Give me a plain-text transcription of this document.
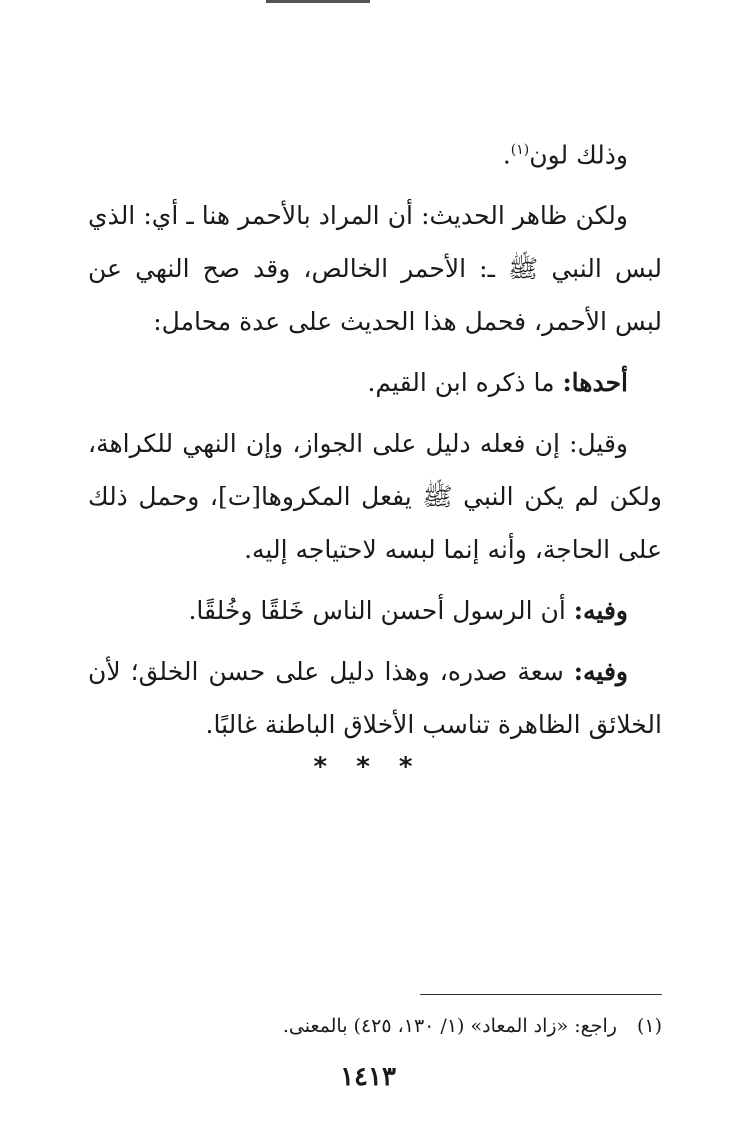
وذلك لون$^{(١)}$.

ولكن ظاهر الحديث: أن المراد بالأحمر هنا ـ أي: الذي لبس النبي ﷺ ـ: الأحمر الخالص، وقد صح النهي عن لبس الأحمر، فحمل هذا الحديث على عدة محامل:

أحدها: ما ذكره ابن القيم.

وقيل: إن فعله دليل على الجواز، وإن النهي للكراهة، ولكن لم يكن النبي ﷺ يفعل المكروها[ت]، وحمل ذلك على الحاجة، وأنه إنما لبسه لاحتياجه إليه.

وفيه: أن الرسول أحسن الناس خَلقًا وخُلقًا.

وفيه: سعة صدره، وهذا دليل على حسن الخلق؛ لأن الخلائق الظاهرة تناسب الأخلاق الباطنة غالبًا.

* * *
(١)راجع: «زاد المعاد» (١/ ١٣٠، ٤٢٥) بالمعنى.
١٤١٣
